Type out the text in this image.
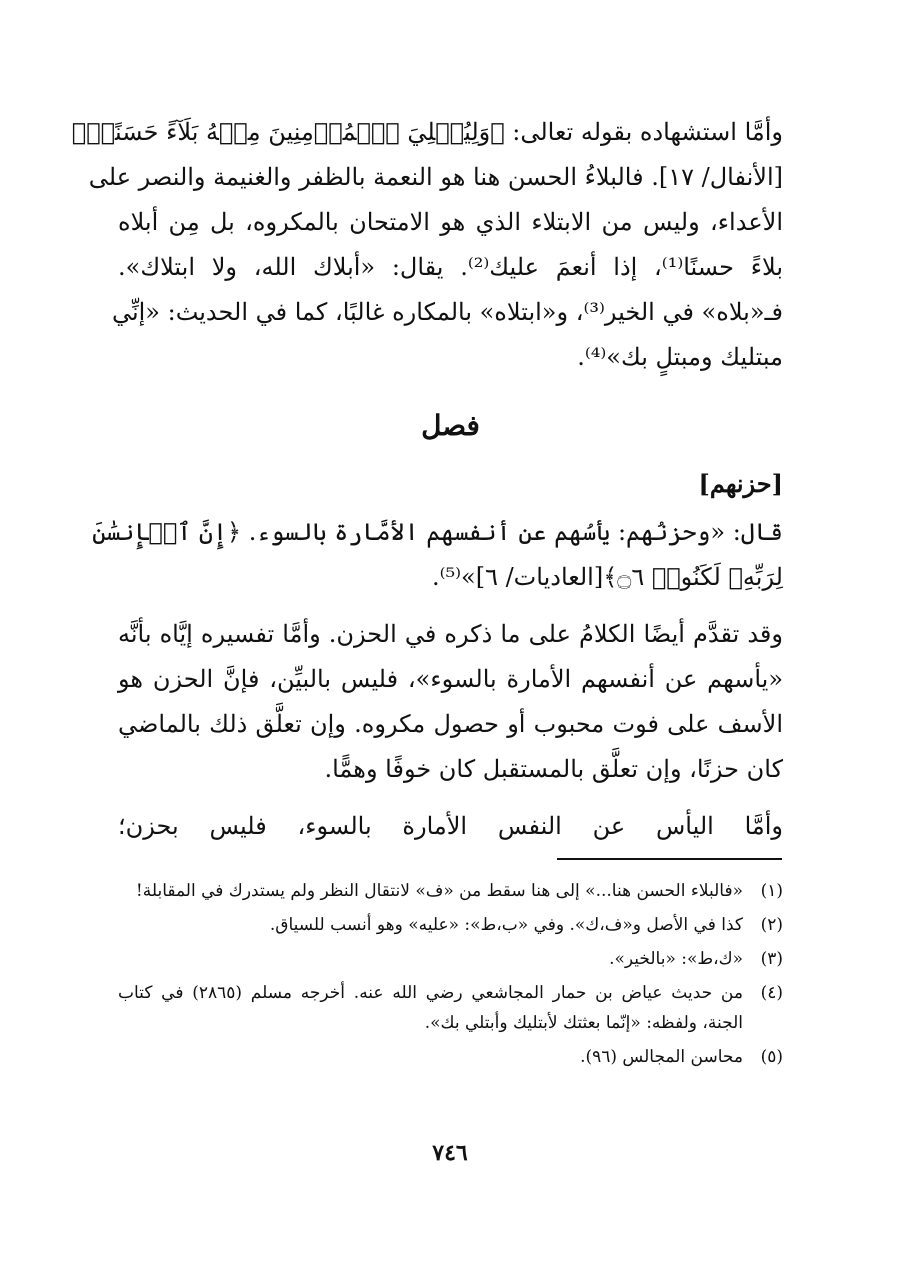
وأمَّا استشهاده بقوله تعالى: ﴿وَلِيُبۡلِيَ ٱلۡمُؤۡمِنِينَ مِنۡهُ بَلَآءً حَسَنًاۚ﴾
[الأنفال/ ١٧]. فالبلاءُ الحسن هنا هو النعمة بالظفر والغنيمة والنصر على
الأعداء، وليس من الابتلاء الذي هو الامتحان بالمكروه، بل مِن أبلاه
بلاءً حسنًا⁽¹⁾، إذا أنعمَ عليك⁽²⁾. يقال: «أبلاك الله، ولا ابتلاك».
فـ«بلاه» في الخير⁽³⁾، و«ابتلاه» بالمكاره غالبًا، كما في الحديث: «إنِّي
مبتليك ومبتلٍ بك»⁽⁴⁾.

فصل
[حزنهم]

قال: «وحزنُهم: يأسُهم عن أنفسهم الأمَّارة بالسوء. ﴿إِنَّ ٱلۡإِنسَٰنَ
لِرَبِّهِۦ لَكَنُودٞ ۝٦﴾[العاديات/ ٦]»⁽⁵⁾.

وقد تقدَّم أيضًا الكلامُ على ما ذكره في الحزن. وأمَّا تفسيره إيَّاه بأنَّه
«يأسهم عن أنفسهم الأمارة بالسوء»، فليس بالبيِّن، فإنَّ الحزن هو
الأسف على فوت محبوب أو حصول مكروه. وإن تعلَّق ذلك بالماضي
كان حزنًا، وإن تعلَّق بالمستقبل كان خوفًا وهمًّا.

وأمَّا اليأس عن النفس الأمارة بالسوء، فليس بحزن؛

(١)
«فالبلاء الحسن هنا...» إلى هنا سقط من «ف» لانتقال النظر ولم يستدرك في المقابلة!
(٢)
كذا في الأصل و«ف،ك». وفي «ب،ط»: «عليه» وهو أنسب للسياق.
(٣)
«ك،ط»: «بالخير».
(٤)
من حديث عياض بن حمار المجاشعي رضي الله عنه. أخرجه مسلم (٢٨٦٥) في كتاب الجنة، ولفظه: «إنّما بعثتك لأبتليك وأبتلي بك».
(٥)
محاسن المجالس (٩٦).
٧٤٦
